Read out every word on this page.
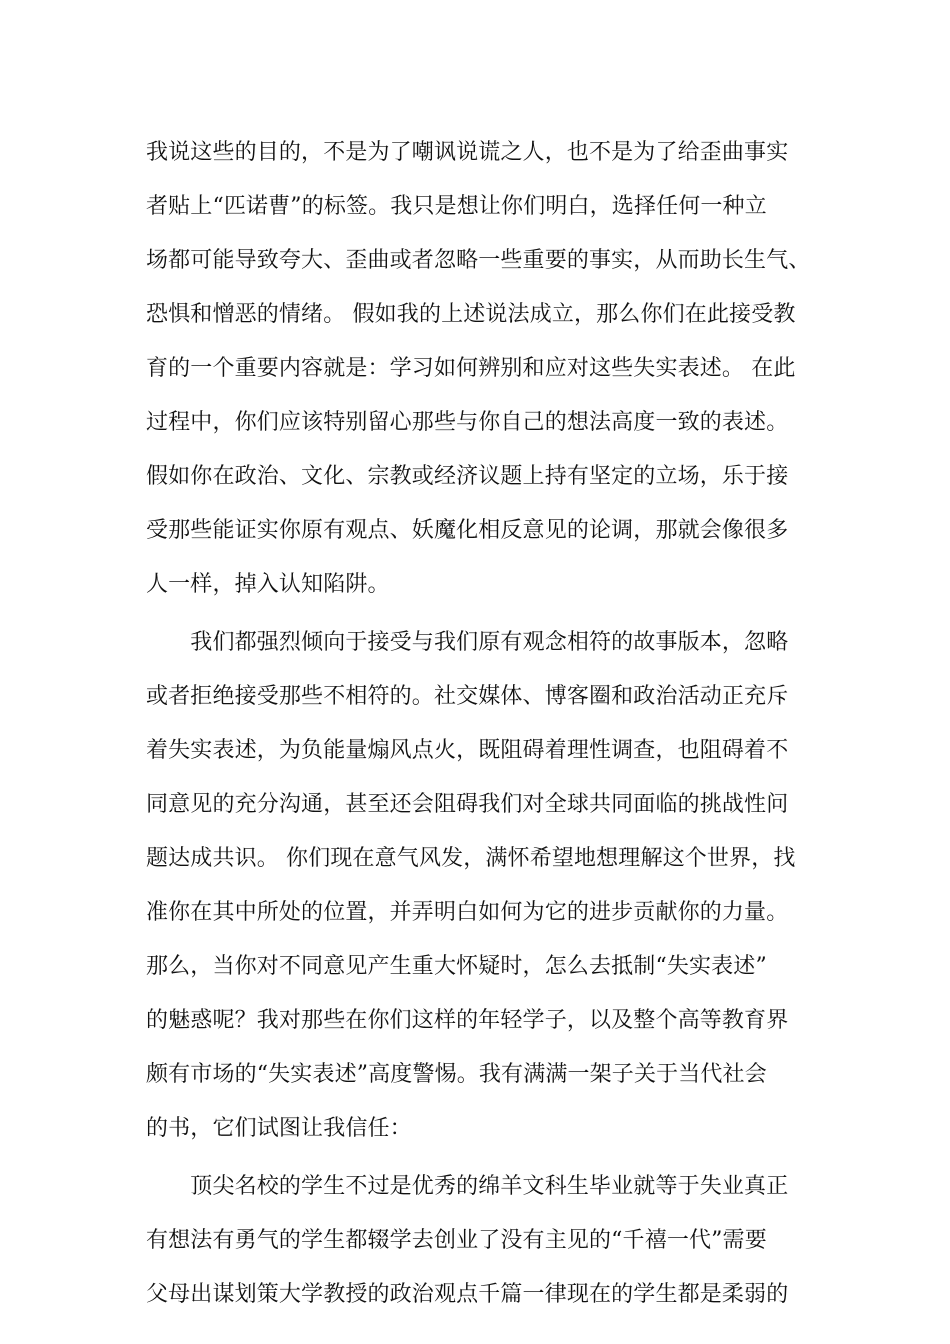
我说这些的目的，不是为了嘲讽说谎之人，也不是为了给歪曲事实
者贴上“匹诺曹”的标签。我只是想让你们明白，选择任何一种立
场都可能导致夸大、歪曲或者忽略一些重要的事实，从而助长生气、
恐惧和憎恶的情绪。 假如我的上述说法成立，那么你们在此接受教
育的一个重要内容就是：学习如何辨别和应对这些失实表述。 在此
过程中，你们应该特别留心那些与你自己的想法高度一致的表述。
假如你在政治、文化、宗教或经济议题上持有坚定的立场，乐于接
受那些能证实你原有观点、妖魔化相反意见的论调，那就会像很多
人一样，掉入认知陷阱。
　　我们都强烈倾向于接受与我们原有观念相符的故事版本，忽略
或者拒绝接受那些不相符的。社交媒体、博客圈和政治活动正充斥
着失实表述，为负能量煽风点火，既阻碍着理性调查，也阻碍着不
同意见的充分沟通，甚至还会阻碍我们对全球共同面临的挑战性问
题达成共识。 你们现在意气风发，满怀希望地想理解这个世界，找
准你在其中所处的位置，并弄明白如何为它的进步贡献你的力量。
那么，当你对不同意见产生重大怀疑时，怎么去抵制“失实表述”
的魅惑呢？我对那些在你们这样的年轻学子，以及整个高等教育界
颇有市场的“失实表述”高度警惕。我有满满一架子关于当代社会
的书，它们试图让我信任：
　　顶尖名校的学生不过是优秀的绵羊文科生毕业就等于失业真正
有想法有勇气的学生都辍学去创业了没有主见的“千禧一代”需要
父母出谋划策大学教授的政治观点千篇一律现在的学生都是柔弱的
